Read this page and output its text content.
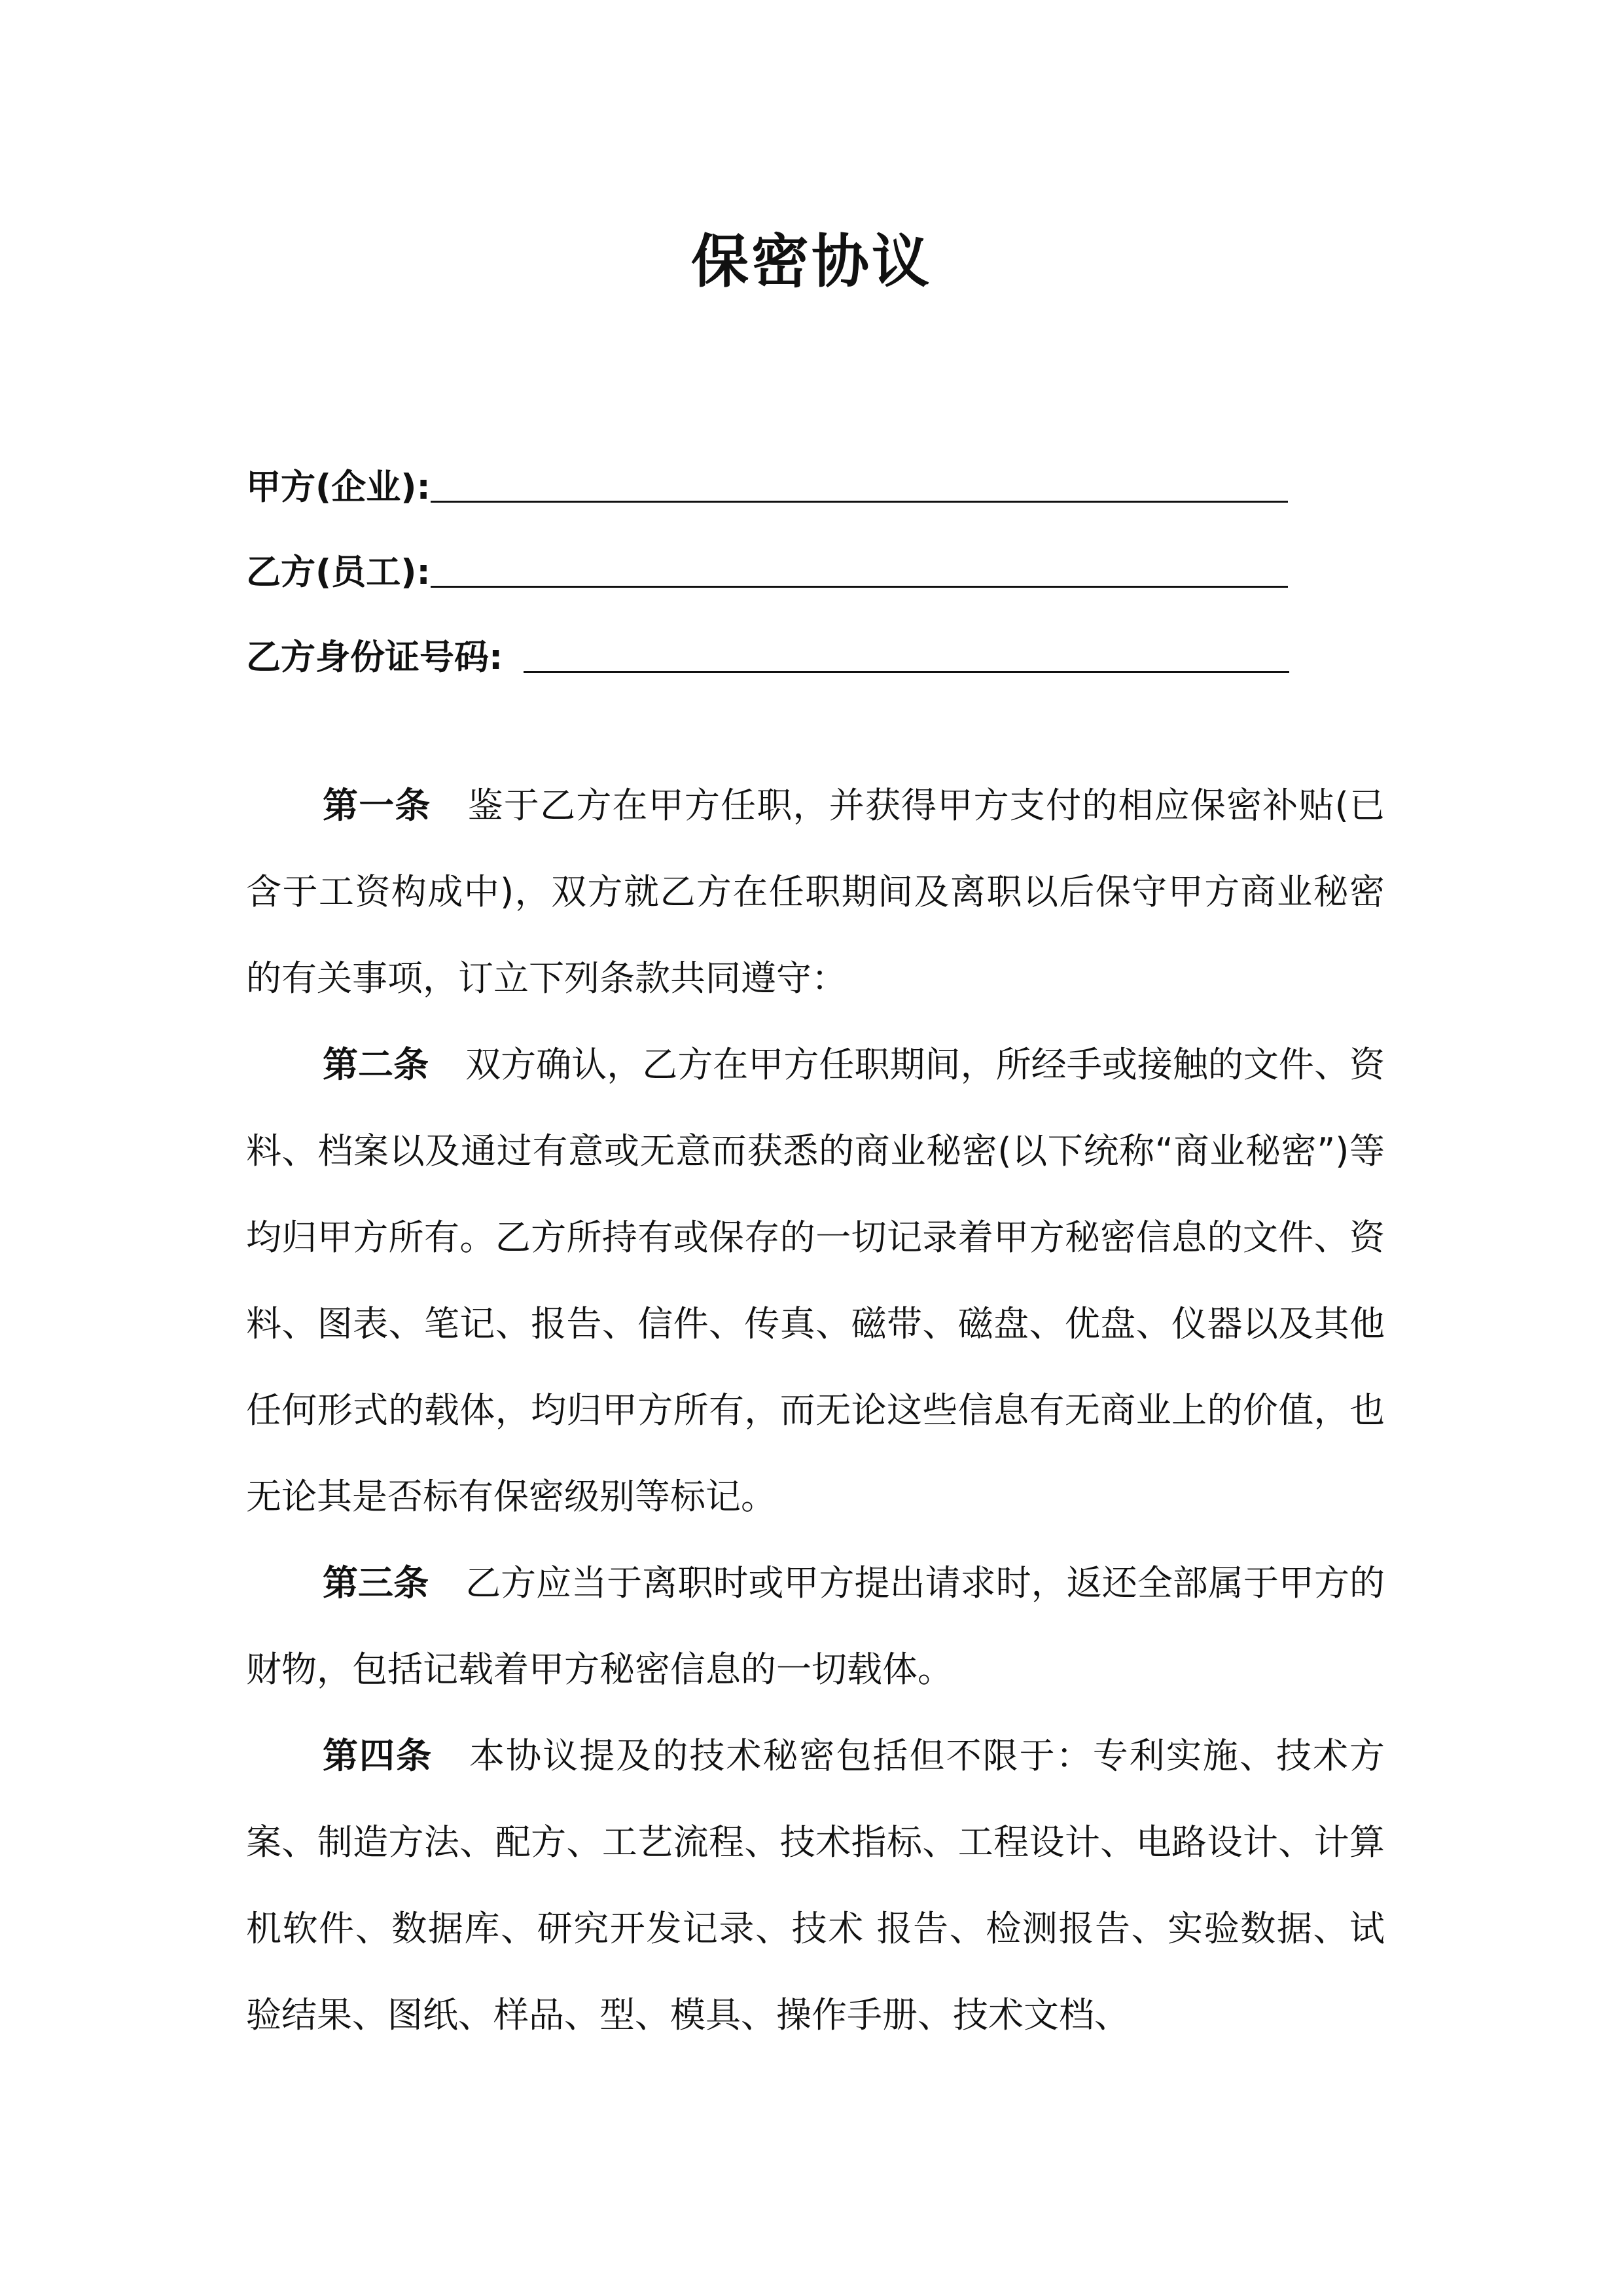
保密协议
甲方(企业):
乙方(员工):
乙方身份证号码:

第一条 鉴于乙方在甲方任职，并获得甲方支付的相应保密补贴(已含于工资构成中)，双方就乙方在任职期间及离职以后保守甲方商业秘密的有关事项，订立下列条款共同遵守：

第二条 双方确认，乙方在甲方任职期间，所经手或接触的文件、资料、档案以及通过有意或无意而获悉的商业秘密(以下统称“商业秘密”)等均归甲方所有。乙方所持有或保存的一切记录着甲方秘密信息的文件、资料、图表、笔记、报告、信件、传真、磁带、磁盘、优盘、仪器以及其他任何形式的载体，均归甲方所有，而无论这些信息有无商业上的价值，也无论其是否标有保密级别等标记。

第三条 乙方应当于离职时或甲方提出请求时，返还全部属于甲方的财物，包括记载着甲方秘密信息的一切载体。

第四条 本协议提及的技术秘密包括但不限于：专利实施、技术方案、制造方法、配方、工艺流程、技术指标、工程设计、电路设计、计算机软件、数据库、研究开发记录、技术 报告、检测报告、实验数据、试验结果、图纸、样品、型、模具、操作手册、技术文档、
